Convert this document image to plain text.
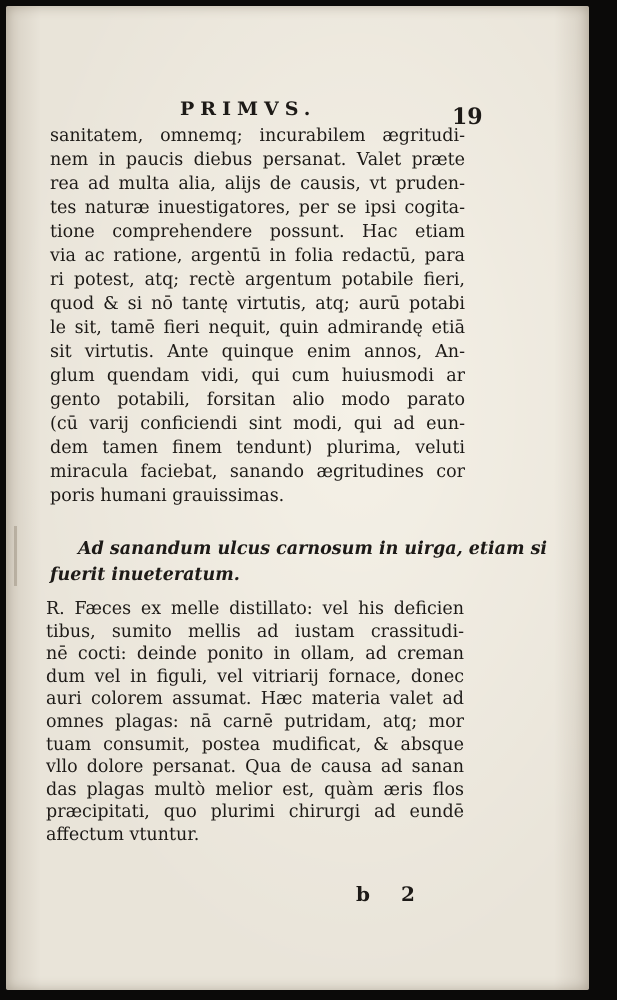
PRIMVS.	19
sanitatem, omnemq; incurabilem ægritudi-
nem in paucis diebus persanat. Valet præte
rea ad multa alia, alijs de causis, vt pruden-
tes naturæ inuestigatores, per se ipsi cogita-
tione comprehendere possunt. Hac etiam
via ac ratione, argentū in folia redactū, para
ri potest, atq; rectè argentum potabile fieri,
quod & si nō tantę virtutis, atq; aurū potabi
le sit, tamē fieri nequit, quin admirandę etiā
sit virtutis. Ante quinque enim annos, An-
glum quendam vidi, qui cum huiusmodi ar
gento potabili, forsitan alio modo parato
(cū varij conficiendi sint modi, qui ad eun-
dem tamen finem tendunt) plurima, veluti
miracula faciebat, sanando ægritudines cor
poris humani grauissimas.
Ad sanandum ulcus carnosum in uirga, etiam si
fuerit inueteratum.
R. Fæces ex melle distillato: vel his deficien
tibus, sumito mellis ad iustam crassitudi-
nē cocti: deinde ponito in ollam, ad creman
dum vel in figuli, vel vitriarij fornace, donec
auri colorem assumat. Hæc materia valet ad
omnes plagas: nā carnē putridam, atq; mor
tuam consumit, postea mudificat, & absque
vllo dolore persanat. Qua de causa ad sanan
das plagas multò melior est, quàm æris flos
præcipitati, quo plurimi chirurgi ad eundē
affectum vtuntur.
b 2
